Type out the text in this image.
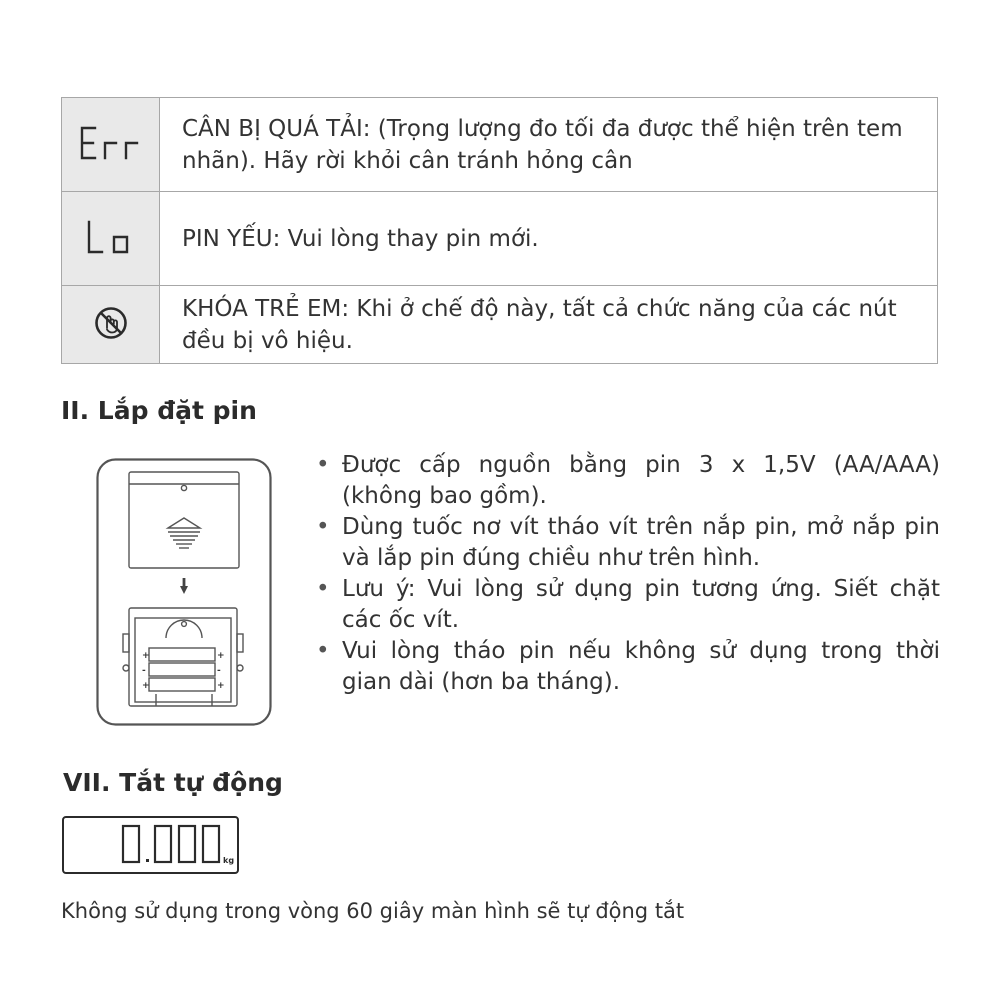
	CÂN BỊ QUÁ TẢI: (Trọng lượng đo tối đa được thể hiện trên tem nhãn). Hãy rời khỏi cân tránh hỏng cân
	PIN YẾU: Vui lòng thay pin mới.
	KHÓA TRẺ EM: Khi ở chế độ này, tất cả chức năng của các nút đều bị vô hiệu.
II. Lắp đặt pin
+	+
-	-
+	+
• Được cấp nguồn bằng pin 3 x 1,5V (AA/AAA) (không bao gồm).
• Dùng tuốc nơ vít tháo vít trên nắp pin, mở nắp pin và lắp pin đúng chiều như trên hình.
• Lưu ý: Vui lòng sử dụng pin tương ứng. Siết chặt các ốc vít.
• Vui lòng tháo pin nếu không sử dụng trong thời gian dài (hơn ba tháng).
VII. Tắt tự động
kg
Không sử dụng trong vòng 60 giây màn hình sẽ tự động tắt
